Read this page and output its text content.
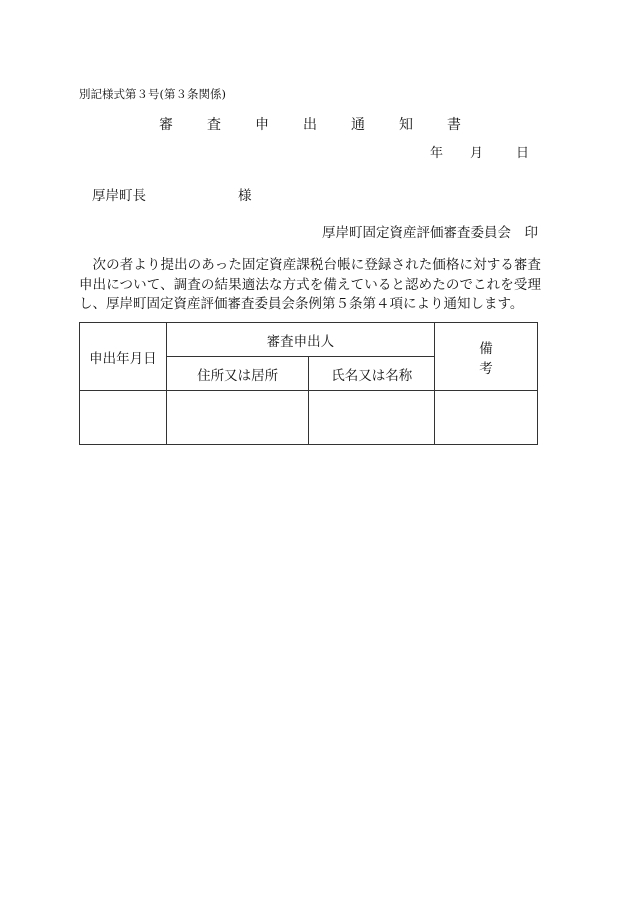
別記様式第３号(第３条関係)
審　査　申　出　通　知　書
年	月	日
厚岸町長	様
厚岸町固定資産評価審査委員会　印
次の者より提出のあった固定資産課税台帳に登録された価格に対する審査申出について、調査の結果適法な方式を備えていると認めたのでこれを受理し、厚岸町固定資産評価審査委員会条例第５条第４項により通知します。
申出年月日	審査申出人		備考
	住所又は居所	氏名又は名称	
